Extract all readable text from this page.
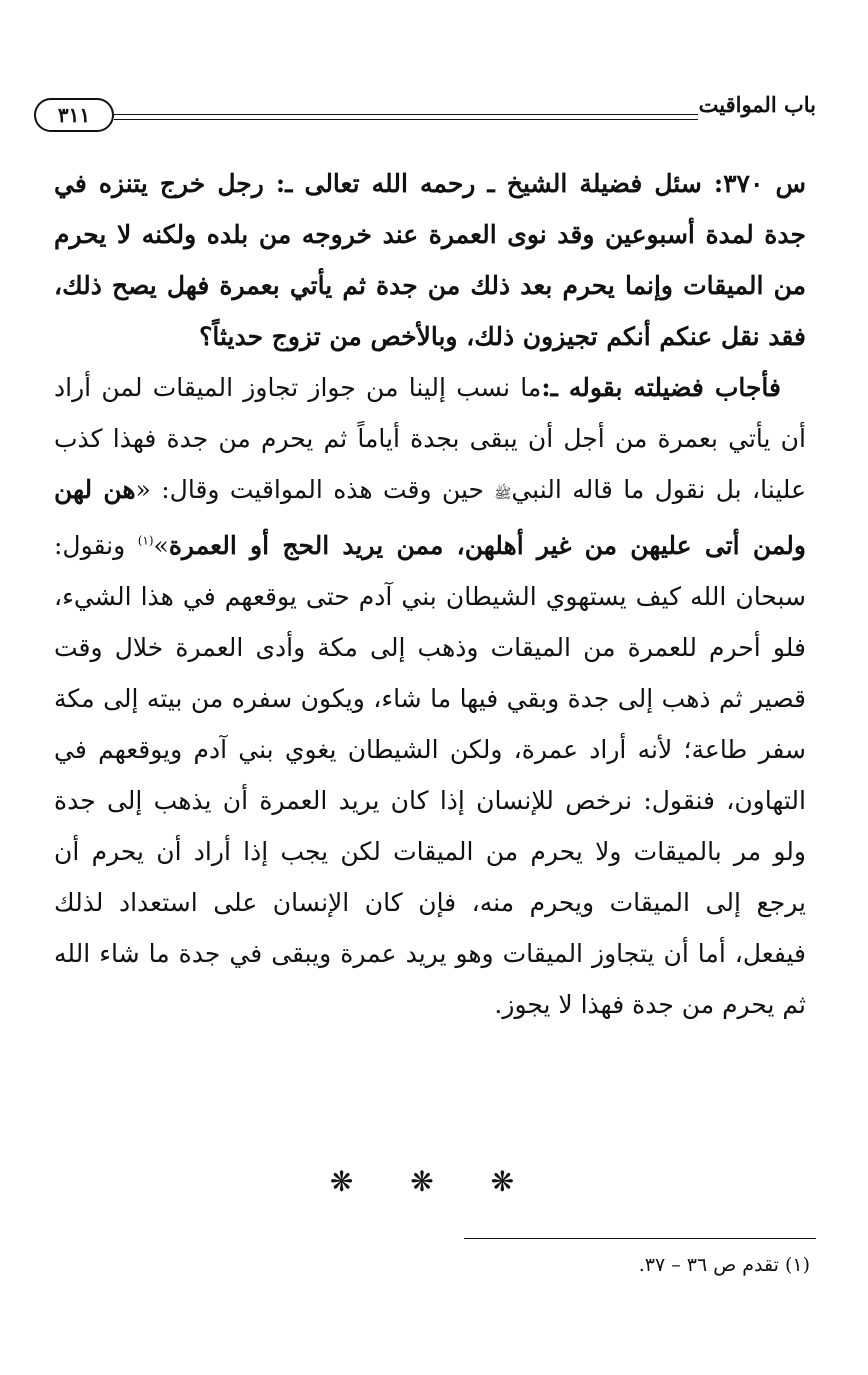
باب المواقيت
٣١١

س ٣٧٠: سئل فضيلة الشيخ ـ رحمه الله تعالى ـ: رجل خرج يتنزه في جدة لمدة أسبوعين وقد نوى العمرة عند خروجه من بلده ولكنه لا يحرم من الميقات وإنما يحرم بعد ذلك من جدة ثم يأتي بعمرة فهل يصح ذلك، فقد نقل عنكم أنكم تجيزون ذلك، وبالأخص من تزوج حديثاً؟

 فأجاب فضيلته بقوله ـ:ما نسب إلينا من جواز تجاوز الميقات لمن أراد أن يأتي بعمرة من أجل أن يبقى بجدة أياماً ثم يحرم من جدة فهذا كذب علينا، بل نقول ما قاله النبيﷺ حين وقت هذه المواقيت وقال: «هن لهن ولمن أتى عليهن من غير أهلهن، ممن يريد الحج أو العمرة»$^{(١)}$ ونقول: سبحان الله كيف يستهوي الشيطان بني آدم حتى يوقعهم في هذا الشيء، فلو أحرم للعمرة من الميقات وذهب إلى مكة وأدى العمرة خلال وقت قصير ثم ذهب إلى جدة وبقي فيها ما شاء، ويكون سفره من بيته إلى مكة سفر طاعة؛ لأنه أراد عمرة، ولكن الشيطان يغوي بني آدم ويوقعهم في التهاون، فنقول: نرخص للإنسان إذا كان يريد العمرة أن يذهب إلى جدة ولو مر بالميقات ولا يحرم من الميقات لكن يجب إذا أراد أن يحرم أن يرجع إلى الميقات ويحرم منه، فإن كان الإنسان على استعداد لذلك فيفعل، أما أن يتجاوز الميقات وهو يريد عمرة ويبقى في جدة ما شاء الله ثم يحرم من جدة فهذا لا يجوز.

❋ ❋ ❋
(١) تقدم ص ٣٦ – ٣٧.
